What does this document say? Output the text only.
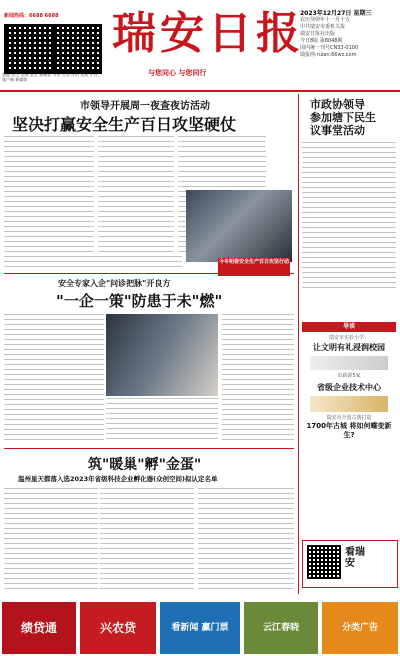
新闻热线：6688 6688
重陵 民生 发展 安全 看瑞安 分享 公众 应用 发展 平台 客户端 新媒体
瑞安日报
与您同心 与您同行
2023年12月27日 星期三
农历癸卯年十一月十五
中共瑞安市委机关报
瑞安日报社出版
今日8版 第8048期
国内统一刊号CN33-0100
瑞报网:ruian.66wz.com
市领导开展周一夜查夜访活动
坚决打赢安全生产百日攻坚硬仗
今冬明春安全生产百日攻坚行动
安全专家入企"问诊把脉"开良方
"一企一策"防患于未"燃"
筑"暖巢"孵"金蛋"
温州星天都落入选2023年省级科技企业孵化器(众创空间)拟认定名单
市政协领导
参加塘下民生
议事堂活动
导读
瑞安市实验小学：
让文明有礼浸润校园
市新源5家
省级企业技术中心
瑞安市全国古典打造
1700年古城 将如何蝶变新生?
看瑞安
绩贷通	兴农贷	看新闻 赢门票	云江春晓	分类广告
